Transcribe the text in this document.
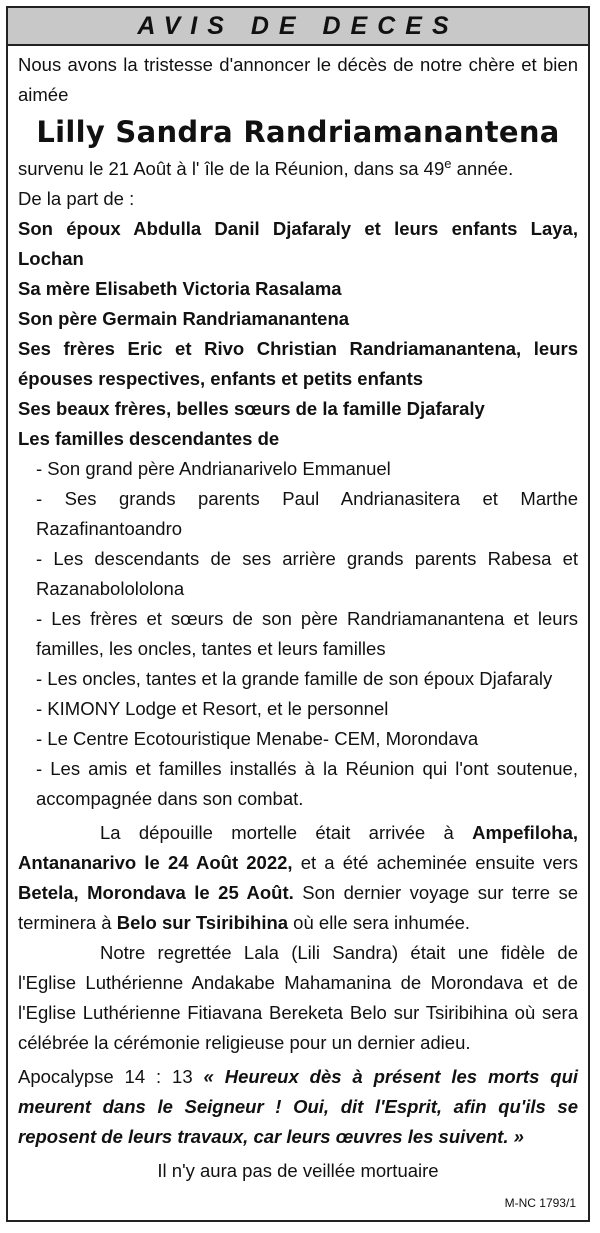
AVIS DE DECES

Nous avons la tristesse d'annoncer le décès de notre chère et bien aimée

Lilly Sandra Randriamanantena

survenu le 21 Août à l' île de la Réunion, dans sa 49e année.

De la part de :

Son époux Abdulla Danil Djafaraly et leurs enfants Laya, Lochan

Sa mère Elisabeth Victoria Rasalama

Son père Germain Randriamanantena

Ses frères Eric et Rivo Christian Randriamanantena, leurs épouses respectives, enfants et petits enfants

Ses beaux frères, belles sœurs de la famille Djafaraly

Les familles descendantes de

- Son grand père Andrianarivelo Emmanuel

- Ses grands parents Paul Andrianasitera et Marthe Razafinantoandro

- Les descendants de ses arrière grands parents Rabesa et Razanabolololona

- Les frères et sœurs de son père Randriamanantena et leurs familles, les oncles, tantes et leurs familles

- Les oncles, tantes et la grande famille de son époux Djafaraly

- KIMONY Lodge et Resort, et le personnel

- Le Centre Ecotouristique Menabe- CEM, Morondava

- Les amis et familles installés à la Réunion qui l'ont soutenue, accompagnée dans son combat.

La dépouille mortelle était arrivée à Ampefiloha, Antananarivo le 24 Août 2022, et a été acheminée ensuite vers Betela, Morondava le 25 Août. Son dernier voyage sur terre se terminera à Belo sur Tsiribihina où elle sera inhumée.

Notre regrettée Lala (Lili Sandra) était une fidèle de l'Eglise Luthérienne Andakabe Mahamanina de Morondava et de l'Eglise Luthérienne Fitiavana Bereketa Belo sur Tsiribihina où sera célébrée la cérémonie religieuse pour un dernier adieu.

Apocalypse 14 : 13 « Heureux dès à présent les morts qui meurent dans le Seigneur ! Oui, dit l'Esprit, afin qu'ils se reposent de leurs travaux, car leurs œuvres les suivent. »

Il n'y aura pas de veillée mortuaire

M-NC 1793/1
